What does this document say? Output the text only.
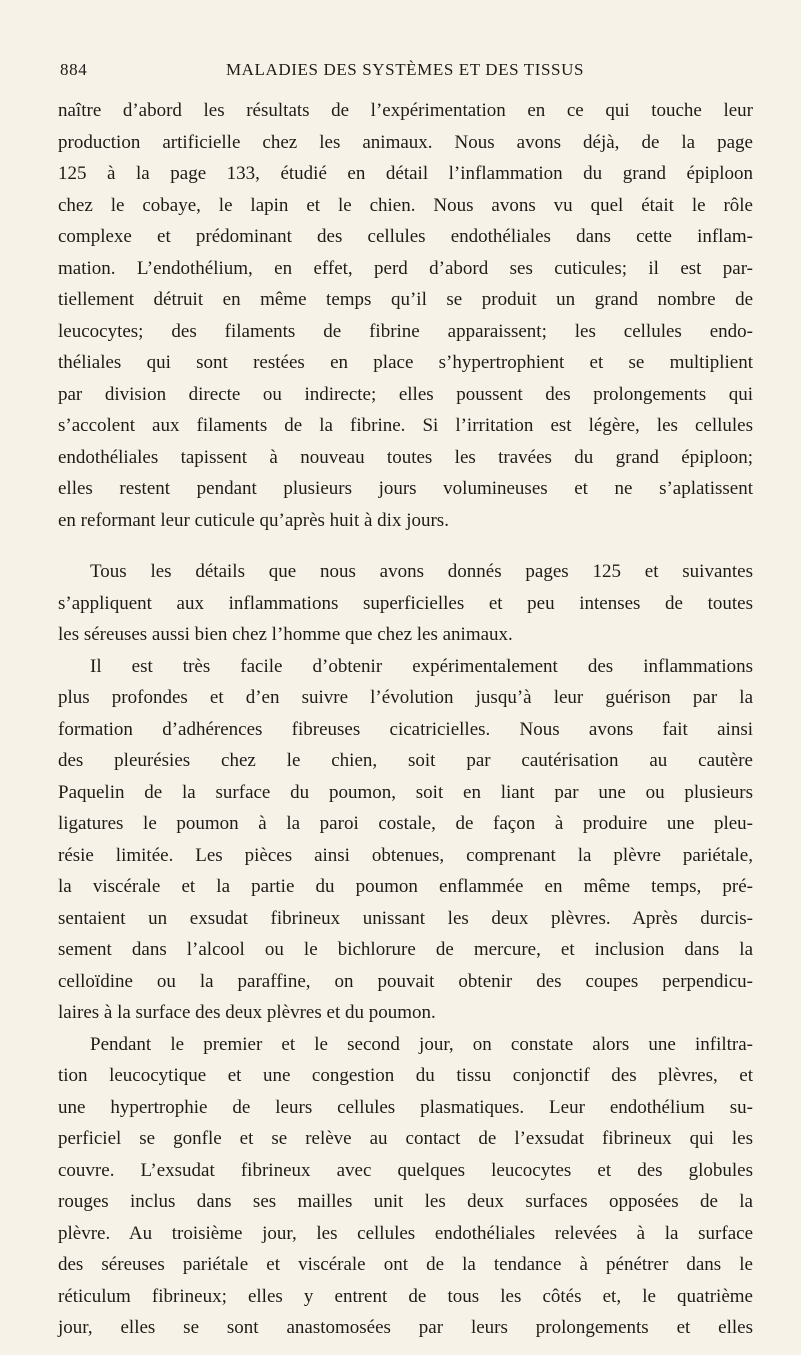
884	MALADIES DES SYSTÈMES ET DES TISSUS
naître d’abord les résultats de l’expérimentation en ce qui touche leur
production artificielle chez les animaux. Nous avons déjà, de la page
125 à la page 133, étudié en détail l’inflammation du grand épiploon
chez le cobaye, le lapin et le chien. Nous avons vu quel était le rôle
complexe et prédominant des cellules endothéliales dans cette inflam-
mation. L’endothélium, en effet, perd d’abord ses cuticules; il est par-
tiellement détruit en même temps qu’il se produit un grand nombre de
leucocytes; des filaments de fibrine apparaissent; les cellules endo-
théliales qui sont restées en place s’hypertrophient et se multiplient
par division directe ou indirecte; elles poussent des prolongements qui
s’accolent aux filaments de la fibrine. Si l’irritation est légère, les cellules
endothéliales tapissent à nouveau toutes les travées du grand épiploon;
elles restent pendant plusieurs jours volumineuses et ne s’aplatissent
en reformant leur cuticule qu’après huit à dix jours.
Tous les détails que nous avons donnés pages 125 et suivantes
s’appliquent aux inflammations superficielles et peu intenses de toutes
les séreuses aussi bien chez l’homme que chez les animaux.
Il est très facile d’obtenir expérimentalement des inflammations
plus profondes et d’en suivre l’évolution jusqu’à leur guérison par la
formation d’adhérences fibreuses cicatricielles. Nous avons fait ainsi
des pleurésies chez le chien, soit par cautérisation au cautère
Paquelin de la surface du poumon, soit en liant par une ou plusieurs
ligatures le poumon à la paroi costale, de façon à produire une pleu-
résie limitée. Les pièces ainsi obtenues, comprenant la plèvre pariétale,
la viscérale et la partie du poumon enflammée en même temps, pré-
sentaient un exsudat fibrineux unissant les deux plèvres. Après durcis-
sement dans l’alcool ou le bichlorure de mercure, et inclusion dans la
celloïdine ou la paraffine, on pouvait obtenir des coupes perpendicu-
laires à la surface des deux plèvres et du poumon.
Pendant le premier et le second jour, on constate alors une infiltra-
tion leucocytique et une congestion du tissu conjonctif des plèvres, et
une hypertrophie de leurs cellules plasmatiques. Leur endothélium su-
perficiel se gonfle et se relève au contact de l’exsudat fibrineux qui les
couvre. L’exsudat fibrineux avec quelques leucocytes et des globules
rouges inclus dans ses mailles unit les deux surfaces opposées de la
plèvre. Au troisième jour, les cellules endothéliales relevées à la surface
des séreuses pariétale et viscérale ont de la tendance à pénétrer dans le
réticulum fibrineux; elles y entrent de tous les côtés et, le quatrième
jour, elles se sont anastomosées par leurs prolongements et elles
